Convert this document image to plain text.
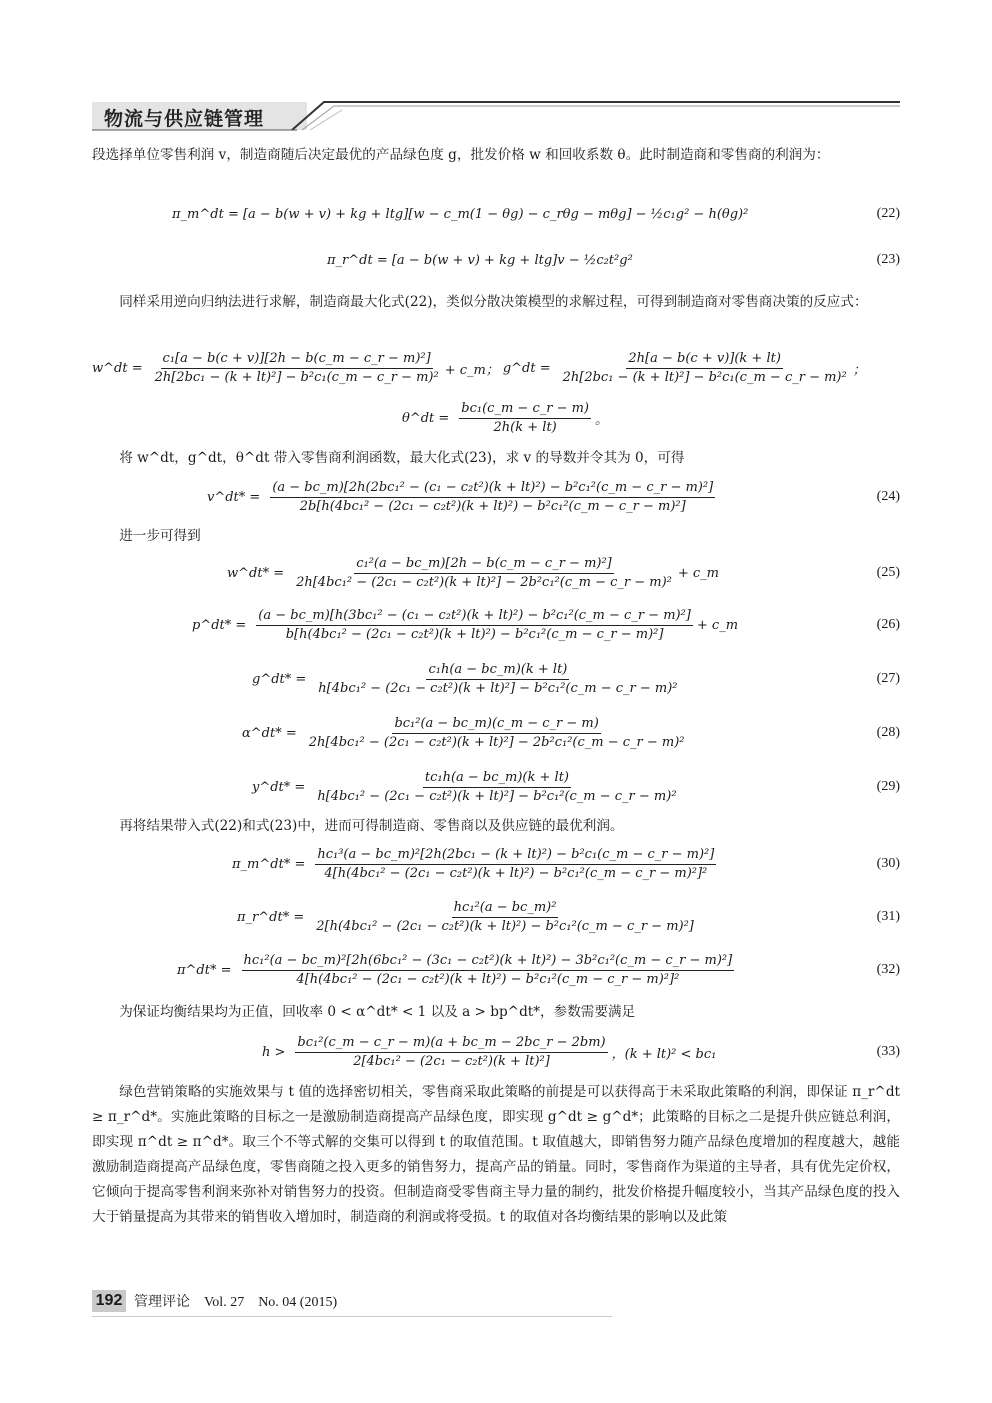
物流与供应链管理

段选择单位零售利润 v，制造商随后决定最优的产品绿色度 g，批发价格 w 和回收系数 θ。此时制造商和零售商的利润为：

π_m^dt = [a − b(w + v) + kg + ltg][w − c_m(1 − θg) − c_rθg − mθg] − ½c₁g² − h(θg)²	(22)
π_r^dt = [a − b(w + v) + kg + ltg]v − ½c₂t²g²	(23)

同样采用逆向归纳法进行求解，制造商最大化式(22)，类似分散决策模型的求解过程，可得到制造商对零售商决策的反应式：

w^dt = $\frac{\text{c₁[a − b(c + v)][2h − b(c\_m − c\_r − m)²]}}{\text{2h[2bc₁ − (k + lt)²] − b²c₁(c\_m − c\_r − m)²}}$ + c_m； g^dt = $\frac{2h[a - b(c + v)](k + lt)}{\text{2h[2bc₁ − (k + lt)²] − b²c₁(c\_m − c\_r − m)²}}$ ；
θ^dt = $\frac{\text{bc₁(c\_m − c\_r − m)}}{2h(k + lt)}$ 。

将 w^dt，g^dt，θ^dt 带入零售商利润函数，最大化式(23)，求 v 的导数并令其为 0，可得

v^dt* =
(a − bc_m)[2h(2bc₁² − (c₁ − c₂t²)(k + lt)²) − b²c₁²(c_m − c_r − m)²]
2b[h(4bc₁² − (2c₁ − c₂t²)(k + lt)²) − b²c₁²(c_m − c_r − m)²]
(24)

进一步可得到

w^dt* = $\frac{\text{c₁²(a − bc\_m)[2h − b(c\_m − c\_r − m)²]}}{\text{2h[4bc₁² − (2c₁ − c₂t²)(k + lt)²] − 2b²c₁²(c\_m − c\_r − m)²}}$ + c_m	(25)
p^dt* =
(a − bc_m)[h(3bc₁² − (c₁ − c₂t²)(k + lt)²) − b²c₁²(c_m − c_r − m)²]
b[h(4bc₁² − (2c₁ − c₂t²)(k + lt)²) − b²c₁²(c_m − c_r − m)²]
+ c_m	(26)
g^dt* = $\frac{\text{c₁h(a − bc\_m)(k + lt)}}{\text{h[4bc₁² − (2c₁ − c₂t²)(k + lt)²] − b²c₁²(c\_m − c\_r − m)²}}$	(27)
α^dt* = $\frac{\text{bc₁²(a − bc\_m)(c\_m − c\_r − m)}}{\text{2h[4bc₁² − (2c₁ − c₂t²)(k + lt)²] − 2b²c₁²(c\_m − c\_r − m)²}}$	(28)
y^dt* = $\frac{\text{tc₁h(a − bc\_m)(k + lt)}}{\text{h[4bc₁² − (2c₁ − c₂t²)(k + lt)²] − b²c₁²(c\_m − c\_r − m)²}}$	(29)

再将结果带入式(22)和式(23)中，进而可得制造商、零售商以及供应链的最优利润。

π_m^dt* = $\frac{\text{hc₁³(a − bc\_m)²[2h(2bc₁ − (k + lt)²) − b²c₁(c\_m − c\_r − m)²]}}{\text{4[h(4bc₁² − (2c₁ − c₂t²)(k + lt)²) − b²c₁²(c\_m − c\_r − m)²]²}}$	(30)
π_r^dt* = $\frac{\text{hc₁²(a − bc\_m)²}}{\text{2[h(4bc₁² − (2c₁ − c₂t²)(k + lt)²) − b²c₁²(c\_m − c\_r − m)²]}}$	(31)
π^dt* =
hc₁²(a − bc_m)²[2h(6bc₁² − (3c₁ − c₂t²)(k + lt)²) − 3b²c₁²(c_m − c_r − m)²]
4[h(4bc₁² − (2c₁ − c₂t²)(k + lt)²) − b²c₁²(c_m − c_r − m)²]²
(32)

为保证均衡结果均为正值，回收率 0 < α^dt* < 1 以及 a > bp^dt*，参数需要满足

$h > \frac{\text{bc₁²(c\_m − c\_r − m)(a + bc\_m − 2bc\_r − 2bm)}}{\text{2[4bc₁² − (2c₁ − c₂t²)(k + lt)²]}}$ ，(k + lt)² < bc₁	(33)

绿色营销策略的实施效果与 t 值的选择密切相关，零售商采取此策略的前提是可以获得高于未采取此策略的利润，即保证 π_r^dt ≥ π_r^d*。实施此策略的目标之一是激励制造商提高产品绿色度，即实现 g^dt ≥ g^d*；此策略的目标之二是提升供应链总利润，即实现 π^dt ≥ π^d*。取三个不等式解的交集可以得到 t 的取值范围。t 取值越大，即销售努力随产品绿色度增加的程度越大，越能激励制造商提高产品绿色度，零售商随之投入更多的销售努力，提高产品的销量。同时，零售商作为渠道的主导者，具有优先定价权，它倾向于提高零售利润来弥补对销售努力的投资。但制造商受零售商主导力量的制约，批发价格提升幅度较小，当其产品绿色度的投入大于销量提高为其带来的销售收入增加时，制造商的利润或将受损。t 的取值对各均衡结果的影响以及此策

192 管理评论　Vol. 27　No. 04 (2015)
